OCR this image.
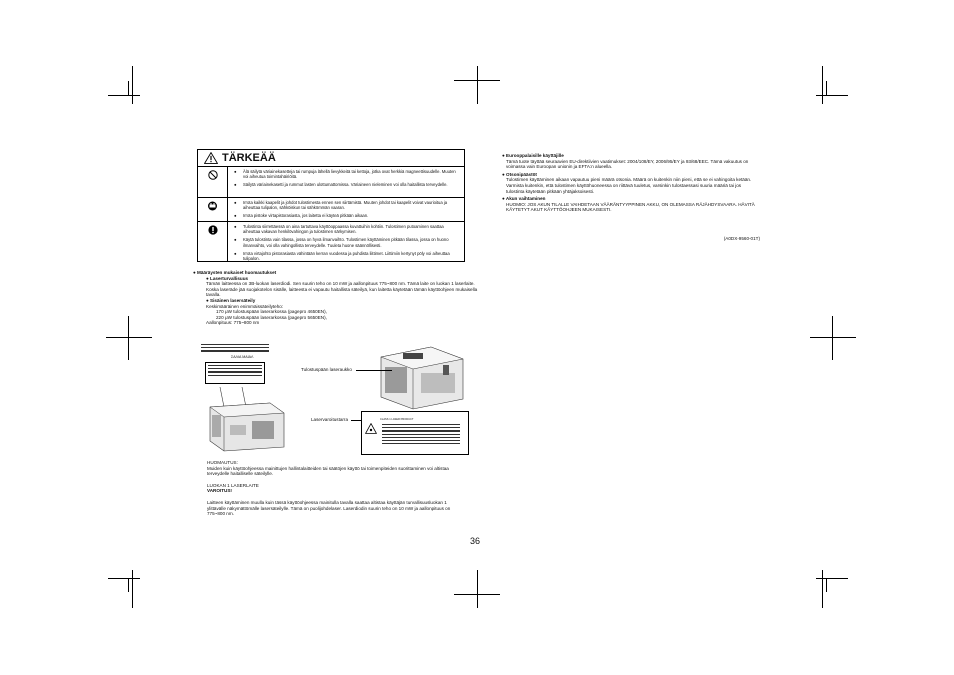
TÄRKEÄÄ
●	Älä säilytä väriainekasetteja tai rumpuja lähellä lievykkeitä tai kettoja, jotka ovat herkkiä magneettisuudelle. Muuten voi aiheutua toimintahäiriöitä.
●	Säilytä väriainekasetti ja rummut lasten ulottumattomissa. Väriaineen nieleminen voi olla haitallista terveydelle.
●	Irrota kaikki kaapelit ja johdot tulostimesta ennen sen siirtämistä. Muuten johdot tai kaapelit voivat vaurioitua ja aiheuttaa tulipalon, sähköiskun tai sähkömmän vaaran.
●	Irrota pistoke virtapistorasiasta, jos laitetta ei käyteä pitkään aikaan.
●	Tulostinta siirrettäessä on aina tartuttava käyttöoppaassa kuvattuihin kohtiin. Tulostimen putoaminen saattaa aiheuttaa vakavan henkilövahingon ja tulostimen särkymisen.
●	Käytä tulostinta vain tilassa, jossa on hyvä ilmanvaihto. Tulostimen käyttäminen pitkään tilassa, jossa on huono ilmanvaihto, voi olla vahingollista terveydelle. Tuuleta huone säännöllisesti.
●	Irrota virtajohto pistorasiasta vähintään kerran vuodessa ja puhdista liittimet. Liittimiin kertynyt pöly voi aiheuttaa tulipalon.
● Määräysten mukaiset huomautukset
● Laserturvallisuus
Tämän laitteessa on 3B-luokan laserdiodi. Sen suurin teho on 10 mW ja aallonpituus 775~800 nm. Tämä laite on luokan 1 laserlaite. Koska laseräde jää suojakotelon sisälle, laitteesta ei vapautu haitallista säteilyä, kun laitetta käytetään tämän käyttöohjeen mukaisella tavalla.
● Sisäinen lasersäteily
Keskimääräinen enimmäissäteilyteho:
170 μW tulostuspään laserarkossa (pagepro 4650EN),
220 μW tulostuspään laserarkossa (pagepro 5650EN),
Aallonpituus: 775~800 nm
ΣΑΛΙΑ ΜΑΙΑΛ
Tulostuspään laseraukko
Laservaroitustarra	CLASS 1 LASER PRODUCT
HUOMAUTUS:
Muiden kuin käyttöohjeessa mainittujen hallintalaitteiden tai säätöjen käyttö tai toimenpiteiden suorittaminen voi altistaa terveydelle haitalliselle säteilylle.
LUOKAN 1 LASERLAITE
VAROITUS!
Laitteen käyttäminen muulla kuin tässä käyttöohjeessa mainitulla tavalla saattaa altistaa käyttäjän turvallisuusluokan 1 ylittävälle näkymättömälle lasersäteilylle. Tämä on puolijohdelaser. Laserdiodin suurin teho on 10 mW ja aallonpituus on 775~800 nm.
● Eurooppalaisille käyttäjille
Tämä tuote täyttää seuraavien EU-direktiivien vaatimukset: 2004/108/EY, 2006/95/EY ja 93/68/EEC. Tämä vakuutus on voimassa vain Euroopan unionin ja EFTA:n alueella.
● Otsonipäästöt
Tulostimen käyttäminen aikaan vapautuu pieni määrä otsonia. Määrä on kuitenkin niin pieni, että se ei vahingoita ketään. Varmista kuitenkin, että tulostimen käyttöhuoneessa on riittävä tuuletus, varsinkin tulostaessasi suuria määriä tai jos tulostinta käytetään pitkään yhtäjaksoisesti.
● Akun vaihtaminen
HUOMIO: JOS AKUN TILALLE VAIHDETAAN VÄÄRÄNTYYPPINEN AKKU, ON OLEMASSA RÄJÄHDYSVAARA. HÄVITÄ KÄYTETYT AKUT KÄYTTÖOHJEEN MUKAISESTI.
(A0DX-9560-01T)
36
